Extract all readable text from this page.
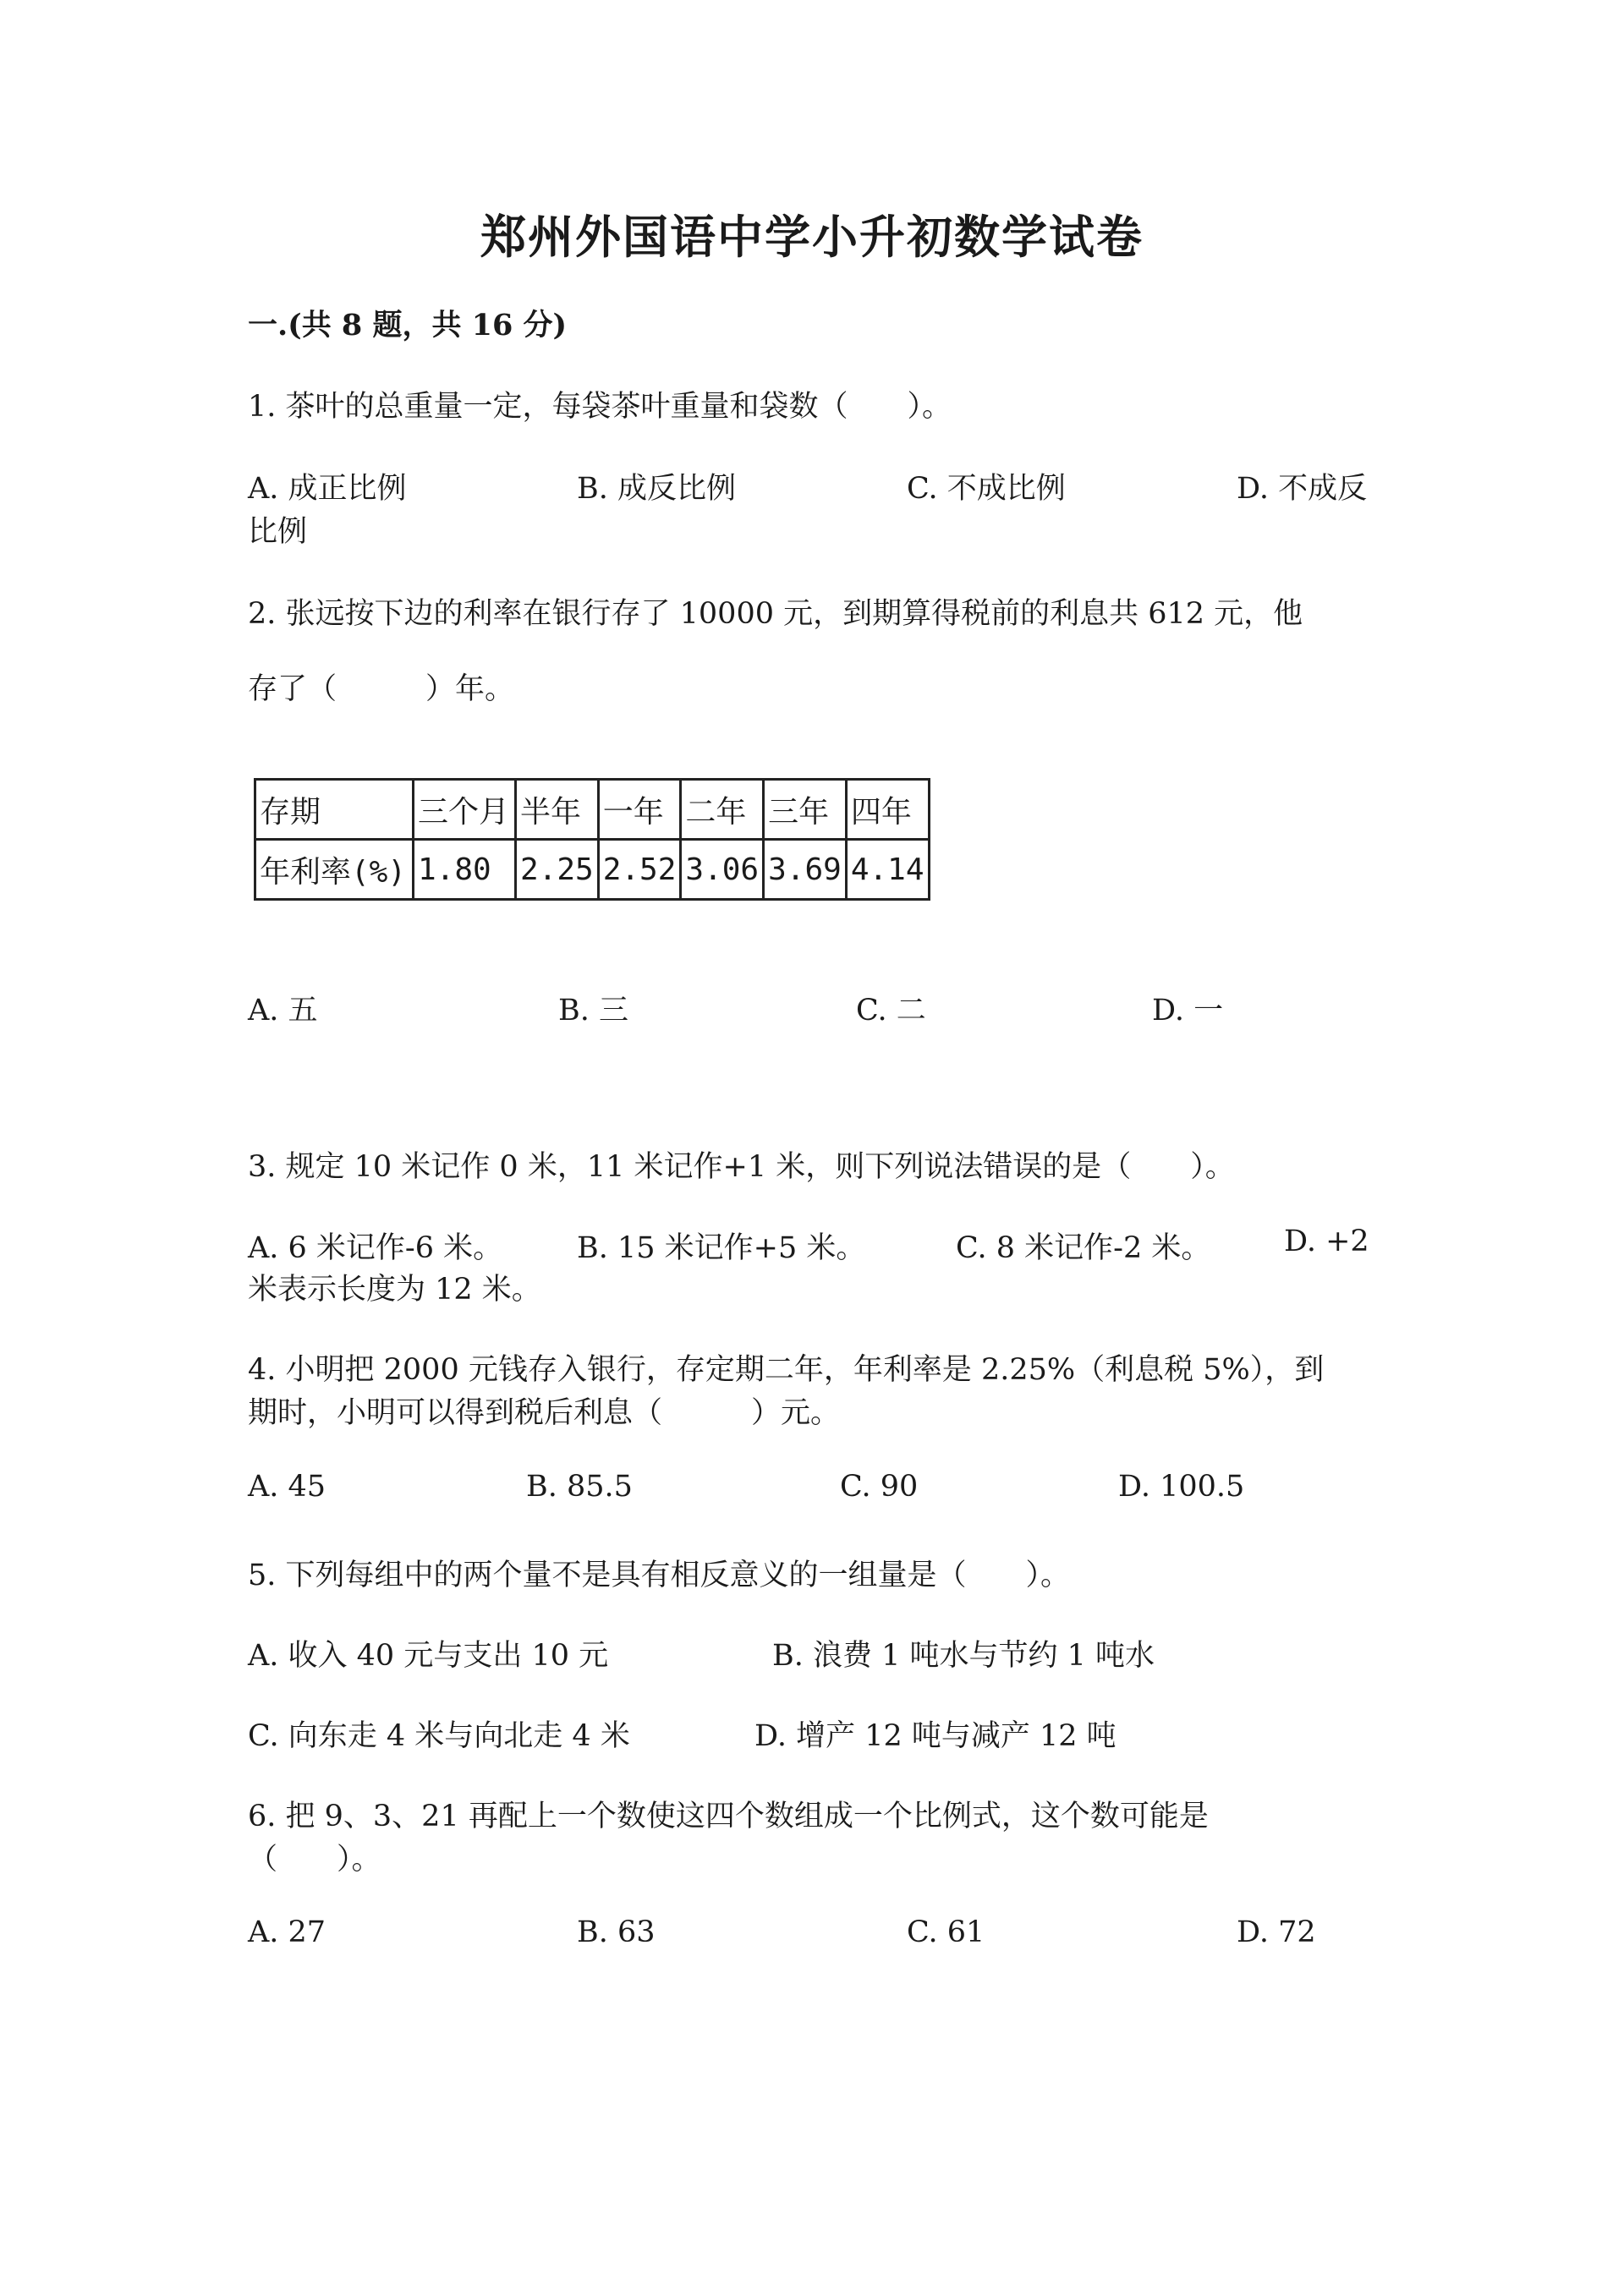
郑州外国语中学小升初数学试卷
一.(共 8 题，共 16 分)
1. 茶叶的总重量一定，每袋茶叶重量和袋数（　　）。
A. 成正比例	B. 成反比例	C. 不成比例	D. 不成反
比例
2. 张远按下边的利率在银行存了 10000 元，到期算得税前的利息共 612 元，他
存了（　　　）年。
存期	三个月	半年	一年	二年	三年	四年
年利率(%)	1.80	2.25	2.52	3.06	3.69	4.14
A. 五	B. 三	C. 二	D. 一
3. 规定 10 米记作 0 米，11 米记作+1 米，则下列说法错误的是（　　）。
A. 6 米记作-6 米。	B. 15 米记作+5 米。	C. 8 米记作-2 米。 D. +2
米表示长度为 12 米。
4. 小明把 2000 元钱存入银行，存定期二年，年利率是 2.25%（利息税 5%），到
期时，小明可以得到税后利息（　　　）元。
A. 45	B. 85.5	C. 90	D. 100.5
5. 下列每组中的两个量不是具有相反意义的一组量是（　　）。
A. 收入 40 元与支出 10 元	B. 浪费 1 吨水与节约 1 吨水
C. 向东走 4 米与向北走 4 米	D. 增产 12 吨与减产 12 吨
6. 把 9、3、21 再配上一个数使这四个数组成一个比例式，这个数可能是
（　　）。
A. 27	B. 63	C. 61	D. 72
